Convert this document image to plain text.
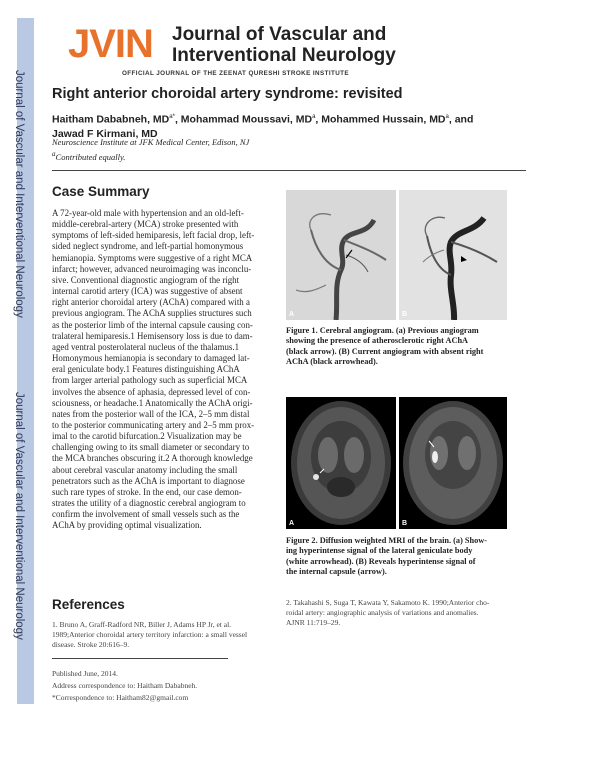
Journal of Vascular and Interventional Neurology
Journal of Vascular and Interventional Neurology
JVIN Journal of Vascular and
Interventional Neurology
OFFICIAL JOURNAL OF THE ZEENAT QURESHI STROKE INSTITUTE
Right anterior choroidal artery syndrome: revisited
Haitham Dababneh, $MD^{a*}$, Mohammad Moussavi, $MD^a$, Mohammed Hussain, $MD^a$, and Jawad F Kirmani, MD
Neuroscience Institute at JFK Medical Center, Edison, NJ
$^a$Contributed equally.
Case Summary
A 72-year-old male with hypertension and an old-left-
middle-cerebral-artery (MCA) stroke presented with
symptoms of left-sided hemiparesis, left facial drop, left-
sided neglect syndrome, and left-partial homonymous
hemianopia. Symptoms were suggestive of a right MCA
infarct; however, advanced neuroimaging was inconclu-
sive. Conventional diagnostic angiogram of the right
internal carotid artery (ICA) was suggestive of absent
right anterior choroidal artery (AChA) compared with a
previous angiogram. The AChA supplies structures such
as the posterior limb of the internal capsule causing con-
tralateral hemiparesis.1 Hemisensory loss is due to dam-
aged ventral posterolateral nucleus of the thalamus.1
Homonymous hemianopia is secondary to damaged lat-
eral geniculate body.1 Features distinguishing AChA
from larger arterial pathology such as superficial MCA
involves the absence of aphasia, depressed level of con-
sciousness, or headache.1 Anatomically the AChA origi-
nates from the posterior wall of the ICA, 2–5 mm distal
to the posterior communicating artery and 2–5 mm prox-
imal to the carotid bifurcation.2 Visualization may be
challenging owing to its small diameter or secondary to
the MCA branches obscuring it.2 A thorough knowledge
about cerebral vascular anatomy including the small
penetrators such as the AChA is important to diagnose
such rare types of stroke. In the end, our case demon-
strates the utility of a diagnostic cerebral angiogram to
confirm the involvement of small vessels such as the
AChA by providing optimal visualization.
A	B
Figure 1. Cerebral angiogram. (a) Previous angiogram
showing the presence of atherosclerotic right AChA
(black arrow). (B) Current angiogram with absent right
AChA (black arrowhead).
A	B
Figure 2. Diffusion weighted MRI of the brain. (a) Show-
ing hyperintense signal of the lateral geniculate body
(white arrowhead). (B) Reveals hyperintense signal of
the internal capsule (arrow).
References
1. Bruno A, Graff-Radford NR, Biller J, Adams HP Jr, et al.
1989;Anterior choroidal artery territory infarction: a small vessel
disease. Stroke 20:616–9.
2. Takahashi S, Suga T, Kawata Y, Sakamoto K. 1990;Anterior cho-
roidal artery: angiographic analysis of variations and anomalies.
AJNR 11:719–29.
Published June, 2014.
Address correspondence to: Haitham Dababneh.
*Correspondence to: Haitham82@gmail.com
